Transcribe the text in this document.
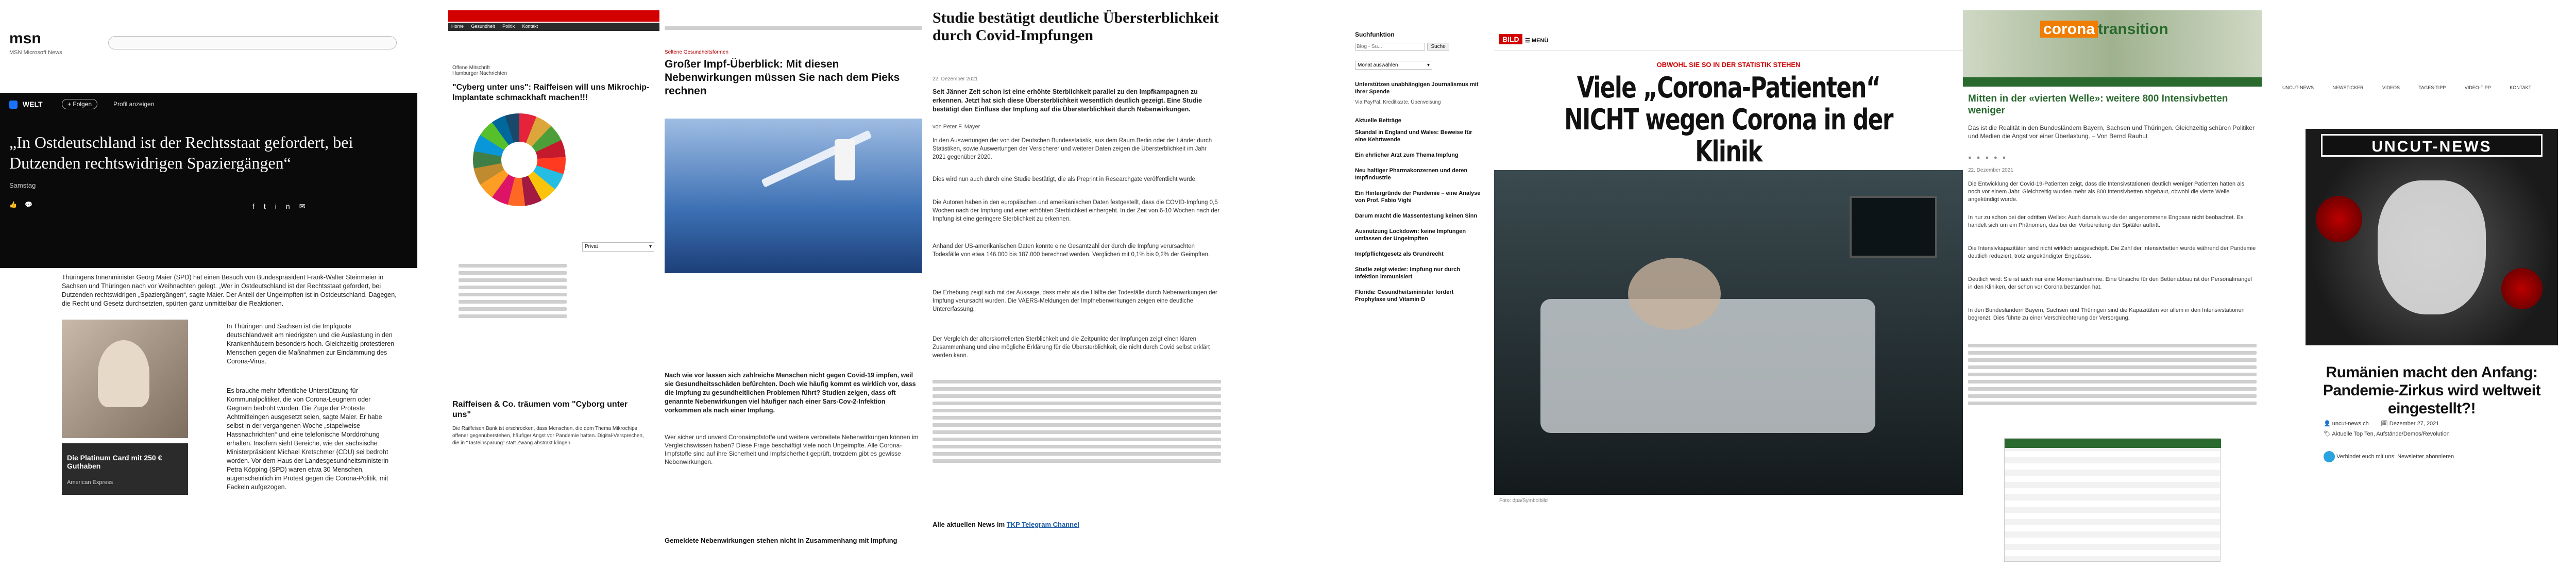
msn
MSN Microsoft News
WELT	+ Folgen	Profil anzeigen
„In Ostdeutschland ist der Rechtsstaat gefordert, bei Dutzenden rechtswidrigen Spaziergängen“
Samstag
👍 💬	ftin✉
Thüringens Innenminister Georg Maier (SPD) hat einen Besuch von Bundespräsident Frank-Walter Steinmeier in Sachsen und Thüringen nach vor Weihnachten gelegt. „Wer in Ostdeutschland ist der Rechtsstaat gefordert, bei Dutzenden rechtswidrigen „Spaziergängen“, sagte Maier. Der Anteil der Ungeimpften ist in Ostdeutschland. Dagegen, die Recht und Gesetz durchsetzten, spürten ganz unmittelbar die Reaktionen.
Die Platinum Card mit 250 € Guthaben
American Express
In Thüringen und Sachsen ist die Impfquote deutschlandweit am niedrigsten und die Auslastung in den Krankenhäusern besonders hoch. Gleichzeitig protestieren Menschen gegen die Maßnahmen zur Eindämmung des Corona-Virus.
Es brauche mehr öffentliche Unterstützung für Kommunalpolitiker, die von Corona-Leugnern oder Gegnern bedroht würden. Die Zuge der Proteste Achtmitleingen ausgesetzt seien, sagte Maier. Er habe selbst in der vergangenen Woche „stapelweise Hassnachrichten“ und eine telefonische Morddrohung erhalten. Insofern sieht Bereiche, wie der sächsische Ministerpräsident Michael Kretschmer (CDU) sei bedroht worden. Vor dem Haus der Landesgesundheitsministerin Petra Köpping (SPD) waren etwa 30 Menschen, augenscheinlich im Protest gegen die Corona-Politik, mit Fackeln aufgezogen.
Home Gesundheit Politik Kontakt
Offene Mitschrift
Hamburger Nachrichten
"Cyberg unter uns": Raiffeisen will uns Mikrochip-Implantate schmackhaft machen!!!
Privat	▾
Raiffeisen & Co. träumen vom "Cyborg unter uns"
Die Raiffeisen Bank ist erschrocken, dass Menschen, die dem Thema Mikrochips offener gegenüberstehen, häufiger Angst vor Pandemie hätten. Digital-Versprechen, die in "Tasteinsparung" statt Zwang abstrakt klingen.
Seltene Gesundheitsformen
Großer Impf-Überblick: Mit diesen Nebenwirkungen müssen Sie nach dem Pieks rechnen
Nach wie vor lassen sich zahlreiche Menschen nicht gegen Covid-19 impfen, weil sie Gesundheitsschäden befürchten. Doch wie häufig kommt es wirklich vor, dass die Impfung zu gesundheitlichen Problemen führt? Studien zeigen, dass oft genannte Nebenwirkungen viel häufiger nach einer Sars-Cov-2-Infektion vorkommen als nach einer Impfung.
Wer sicher und unverd Coronaimpfstoffe und weitere verbreitete Nebenwirkungen können im Vergleichswissen haben? Diese Frage beschäftigt viele noch Ungeimpfte. Alle Corona-Impfstoffe sind auf ihre Sicherheit und Impfsicherheit geprüft, trotzdem gibt es gewisse Nebenwirkungen.
Gemeldete Nebenwirkungen stehen nicht in Zusammenhang mit Impfung
Studie bestätigt deutliche Übersterblichkeit durch Covid-Impfungen
22. Dezember 2021
Seit Jänner Zeit schon ist eine erhöhte Sterblichkeit parallel zu den Impfkampagnen zu erkennen. Jetzt hat sich diese Übersterblichkeit wesentlich deutlich gezeigt. Eine Studie bestätigt den Einfluss der Impfung auf die Übersterblichkeit durch Nebenwirkungen.
von Peter F. Mayer
In den Auswertungen der von der Deutschen Bundesstatistik, aus dem Raum Berlin oder der Länder durch Statistiken, sowie Auswertungen der Versicherer und weiterer Daten zeigen die Übersterblichkeit im Jahr 2021 gegenüber 2020.
Dies wird nun auch durch eine Studie bestätigt, die als Preprint in Researchgate veröffentlicht wurde.
Die Autoren haben in den europäischen und amerikanischen Daten festgestellt, dass die COVID-Impfung 0,5 Wochen nach der Impfung und einer erhöhten Sterblichkeit einhergeht. In der Zeit von 6-10 Wochen nach der Impfung ist eine geringere Sterblichkeit zu erkennen.
Anhand der US-amerikanischen Daten konnte eine Gesamtzahl der durch die Impfung verursachten Todesfälle von etwa 146.000 bis 187.000 berechnet werden. Verglichen mit 0,1% bis 0,2% der Geimpften.
Die Erhebung zeigt sich mit der Aussage, dass mehr als die Hälfte der Todesfälle durch Nebenwirkungen der Impfung verursacht wurden. Die VAERS-Meldungen der Impfnebenwirkungen zeigen eine deutliche Untererfassung.
Der Vergleich der alterskorrelierten Sterblichkeit und die Zeitpunkte der Impfungen zeigt einen klaren Zusammenhang und eine mögliche Erklärung für die Übersterblichkeit, die nicht durch Covid selbst erklärt werden kann.
Alle aktuellen News im TKP Telegram Channel
Suchfunktion
Blog - Su... Suche
Monat auswählen	▾
Unterstützen unabhängigen Journalismus mit Ihrer Spende
Via PayPal, Kreditkarte, Überweisung
Aktuelle Beiträge
Skandal in England und Wales: Beweise für eine Kehrtwende
Ein ehrlicher Arzt zum Thema Impfung
Neu haltiger Pharmakonzernen und deren Impfindustrie
Ein Hintergründe der Pandemie – eine Analyse von Prof. Fabio Vighi
Darum macht die Massentestung keinen Sinn
Ausnutzung Lockdown: keine Impfungen umfassen der Ungeimpften
Impfpflichtgesetz als Grundrecht
Studie zeigt wieder: Impfung nur durch Infektion immunisiert
Florida: Gesundheitsminister fordert Prophylaxe und Vitamin D
BILD	☰ MENÜ
OBWOHL SIE SO IN DER STATISTIK STEHEN
Viele „Corona-Patienten“ NICHT wegen Corona in der Klinik
Foto: dpa/Symbolbild
corona transition
Mitten in der «vierten Welle»: weitere 800 Intensivbetten weniger
Das ist die Realität in den Bundesländern Bayern, Sachsen und Thüringen. Gleichzeitig schüren Politiker und Medien die Angst vor einer Überlastung. – Von Bernd Rauhut
●●●●●
22. Dezember 2021
Die Entwicklung der Covid-19-Patienten zeigt, dass die Intensivstationen deutlich weniger Patienten hatten als noch vor einem Jahr. Gleichzeitig wurden mehr als 800 Intensivbetten abgebaut, obwohl die vierte Welle angekündigt wurde.
In nur zu schon bei der «dritten Welle»: Auch damals wurde der angenommene Engpass nicht beobachtet. Es handelt sich um ein Phänomen, das bei der Vorbereitung der Spitäler auftritt.
Die Intensivkapazitäten sind nicht wirklich ausgeschöpft. Die Zahl der Intensivbetten wurde während der Pandemie deutlich reduziert, trotz angekündigter Engpässe.
Deutlich wird: Sie ist auch nur eine Momentaufnahme. Eine Ursache für den Bettenabbau ist der Personalmangel in den Kliniken, der schon vor Corona bestanden hat.
In den Bundesländern Bayern, Sachsen und Thüringen sind die Kapazitäten vor allem in den Intensivstationen begrenzt. Dies führte zu einer Verschlechterung der Versorgung.
UNCUT-NEWS	NEWSTICKER	VIDEOS	TAGES-TIPP	VIDEO-TIPP	KONTAKT
UNCUT-NEWS
Rumänien macht den Anfang: Pandemie-Zirkus wird weltweit eingestellt?!
👤 uncut-news.ch 🗓 Dezember 27, 2021
🏷 Aktuelle Top Ten, Aufstände/Demos/Revolution
Verbindet euch mit uns: Newsletter abonnieren
